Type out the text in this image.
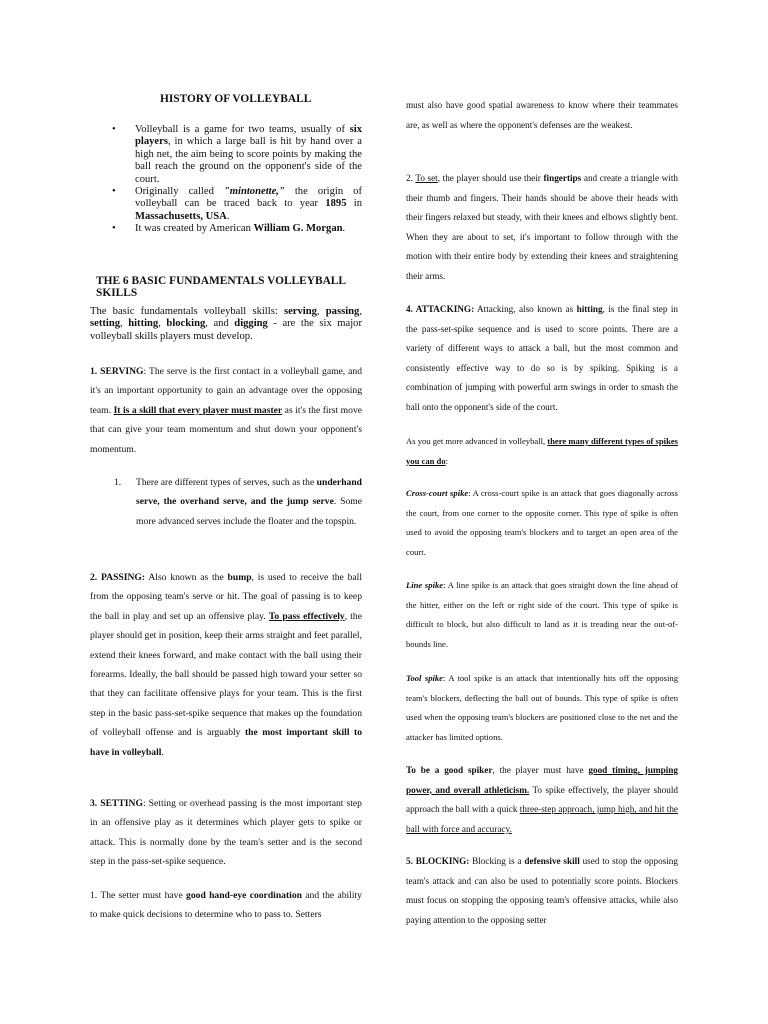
HISTORY OF VOLLEYBALL
• Volleyball is a game for two teams, usually of six players, in which a large ball is hit by hand over a high net, the aim being to score points by making the ball reach the ground on the opponent's side of the court.
• Originally called "mintonette," the origin of volleyball can be traced back to year 1895 in Massachusetts, USA.
• It was created by American William G. Morgan.
THE 6 BASIC FUNDAMENTALS VOLLEYBALL SKILLS
The basic fundamentals volleyball skills: serving, passing, setting, hitting, blocking, and digging - are the six major volleyball skills players must develop.
1. SERVING: The serve is the first contact in a volleyball game, and it's an important opportunity to gain an advantage over the opposing team. It is a skill that every player must master as it's the first move that can give your team momentum and shut down your opponent's momentum.
1. There are different types of serves, such as the underhand serve, the overhand serve, and the jump serve. Some more advanced serves include the floater and the topspin.
2. PASSING: Also known as the bump, is used to receive the ball from the opposing team's serve or hit. The goal of passing is to keep the ball in play and set up an offensive play. To pass effectively, the player should get in position, keep their arms straight and feet parallel, extend their knees forward, and make contact with the ball using their forearms. Ideally, the ball should be passed high toward your setter so that they can facilitate offensive plays for your team. This is the first step in the basic pass-set-spike sequence that makes up the foundation of volleyball offense and is arguably the most important skill to have in volleyball.
3. SETTING: Setting or overhead passing is the most important step in an offensive play as it determines which player gets to spike or attack. This is normally done by the team's setter and is the second step in the pass-set-spike sequence.
1. The setter must have good hand-eye coordination and the ability to make quick decisions to determine who to pass to. Setters
must also have good spatial awareness to know where their teammates are, as well as where the opponent's defenses are the weakest.
2. To set, the player should use their fingertips and create a triangle with their thumb and fingers. Their hands should be above their heads with their fingers relaxed but steady, with their knees and elbows slightly bent. When they are about to set, it's important to follow through with the motion with their entire body by extending their knees and straightening their arms.
4. ATTACKING: Attacking, also known as hitting, is the final step in the pass-set-spike sequence and is used to score points. There are a variety of different ways to attack a ball, but the most common and consistently effective way to do so is by spiking. Spiking is a combination of jumping with powerful arm swings in order to smash the ball onto the opponent's side of the court.
As you get more advanced in volleyball, there many different types of spikes you can do:
Cross-court spike: A cross-court spike is an attack that goes diagonally across the court, from one corner to the opposite corner. This type of spike is often used to avoid the opposing team's blockers and to target an open area of the court.
Line spike: A line spike is an attack that goes straight down the line ahead of the hitter, either on the left or right side of the court. This type of spike is difficult to block, but also difficult to land as it is treading near the out-of-bounds line.
Tool spike: A tool spike is an attack that intentionally hits off the opposing team's blockers, deflecting the ball out of bounds. This type of spike is often used when the opposing team's blockers are positioned close to the net and the attacker has limited options.
To be a good spiker, the player must have good timing, jumping power, and overall athleticism. To spike effectively, the player should approach the ball with a quick three-step approach, jump high, and hit the ball with force and accuracy.
5. BLOCKING: Blocking is a defensive skill used to stop the opposing team's attack and can also be used to potentially score points. Blockers must focus on stopping the opposing team's offensive attacks, while also paying attention to the opposing setter
